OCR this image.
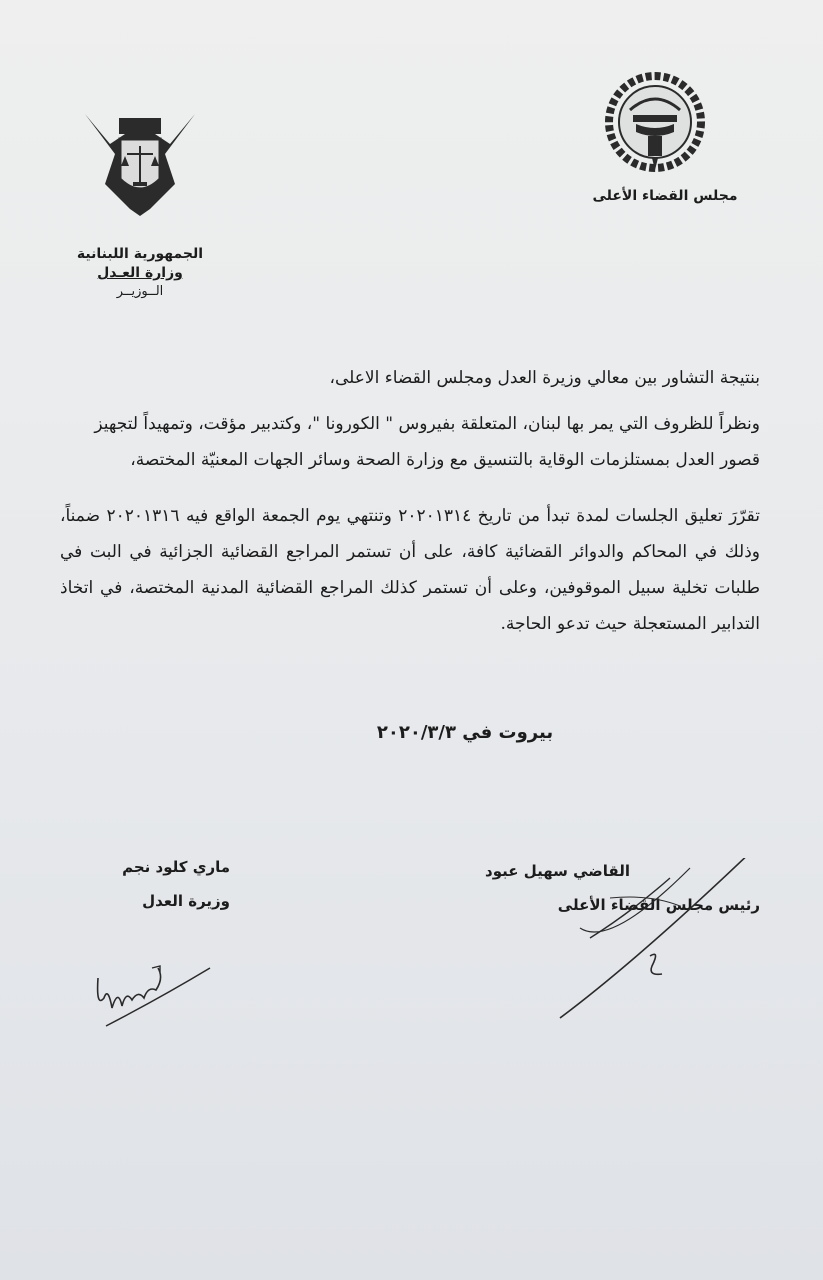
الجمهورية اللبنانية
وزارة العـدل
الــوزيــر
مجلس القضاء الأعلى

بنتيجة التشاور بين معالي وزيرة العدل ومجلس القضاء الاعلى،

ونظراً للظروف التي يمر بها لبنان، المتعلقة بفيروس " الكورونا "، وكتدبير مؤقت، وتمهيداً لتجهيز قصور العدل بمستلزمات الوقاية بالتنسيق مع وزارة الصحة وسائر الجهات المعنيّة المختصة،

تقرّرَ تعليق الجلسات لمدة تبدأ من تاريخ ٢٠٢٠١٣١٤ وتنتهي يوم الجمعة الواقع فيه ٢٠٢٠١٣١٦ ضمناً، وذلك في المحاكم والدوائر القضائية كافة، على أن تستمر المراجع القضائية الجزائية في البت في طلبات تخلية سبيل الموقوفين، وعلى أن تستمر كذلك المراجع القضائية المدنية المختصة، في اتخاذ التدابير المستعجلة حيث تدعو الحاجة.

بيروت في ٢٠٢٠/٣/٣
القاضي سهيل عبود
رئيس مجلس القضاء الأعلى
ماري كلود نجم
وزيرة العدل
